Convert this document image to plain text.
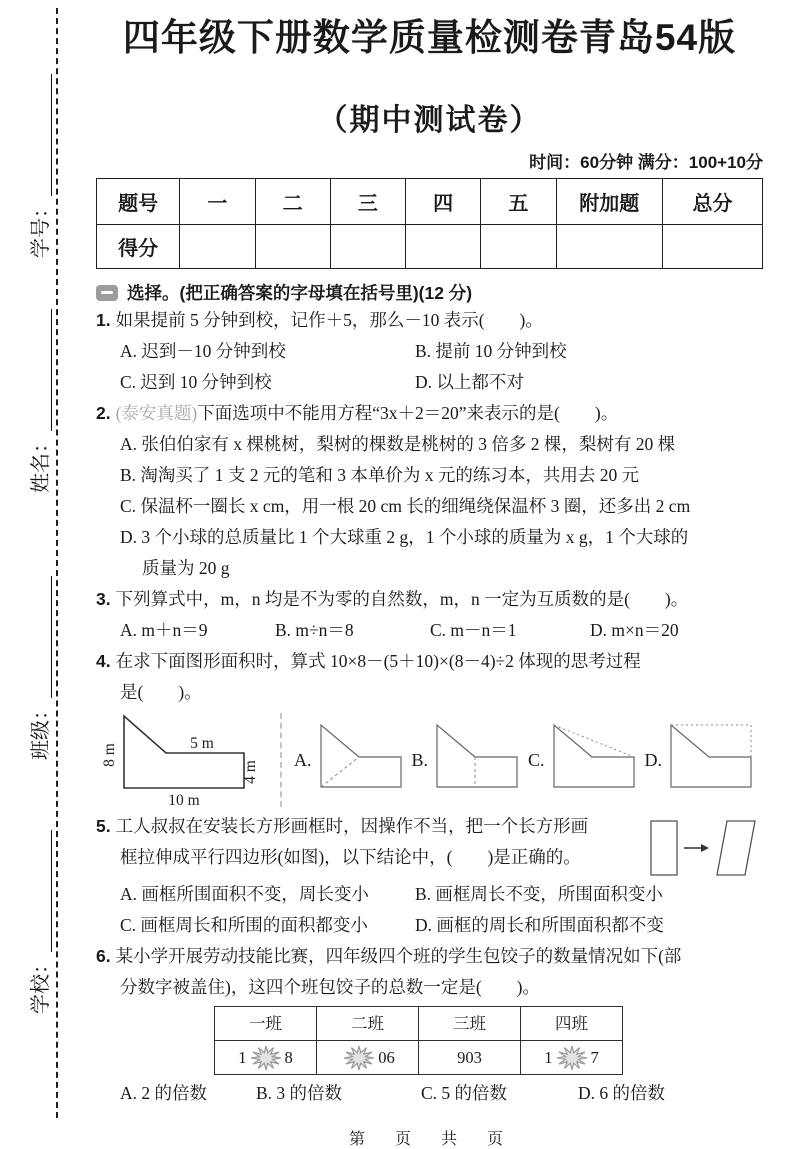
学号：
姓名：
班级：
学校：
四年级下册数学质量检测卷青岛54版
（期中测试卷）
时间：60分钟 满分：100+10分
题号	一	二	三	四	五	附加题	总分
得分							
选择。(把正确答案的字母填在括号里)(12 分)

1. 如果提前 5 分钟到校，记作＋5，那么－10 表示(　　)。

A. 迟到－10 分钟到校	B. 提前 10 分钟到校
C. 迟到 10 分钟到校	D. 以上都不对

2. (泰安真题)下面选项中不能用方程“3x＋2＝20”来表示的是(　　)。

A. 张伯伯家有 x 棵桃树，梨树的棵数是桃树的 3 倍多 2 棵，梨树有 20 棵
B. 淘淘买了 1 支 2 元的笔和 3 本单价为 x 元的练习本，共用去 20 元
C. 保温杯一圈长 x cm，用一根 20 cm 长的细绳绕保温杯 3 圈，还多出 2 cm
D. 3 个小球的总质量比 1 个大球重 2 g，1 个小球的质量为 x g，1 个大球的
质量为 20 g

3. 下列算式中，m，n 均是不为零的自然数，m，n 一定为互质数的是(　　)。

A. m＋n＝9	B. m÷n＝8	C. m－n＝1	D. m×n＝20

4. 在求下面图形面积时，算式 10×8－(5＋10)×(8－4)÷2 体现的思考过程

是(　　)。

5 m
8 m
4 m
10 m
A.	B.	C.	D.

5. 工人叔叔在安装长方形画框时，因操作不当，把一个长方形画

框拉伸成平行四边形(如图)，以下结论中，(　　)是正确的。

A. 画框所围面积不变，周长变小	B. 画框周长不变，所围面积变小
C. 画框周长和所围的面积都变小	D. 画框的周长和所围面积都不变

6. 某小学开展劳动技能比赛，四年级四个班的学生包饺子的数量情况如下(部

分数字被盖住)，这四个班包饺子的总数一定是(　　)。

一班	二班	三班	四班
1 8	06	903	1 7
A. 2 的倍数	B. 3 的倍数	C. 5 的倍数	D. 6 的倍数
第　页　共　页
